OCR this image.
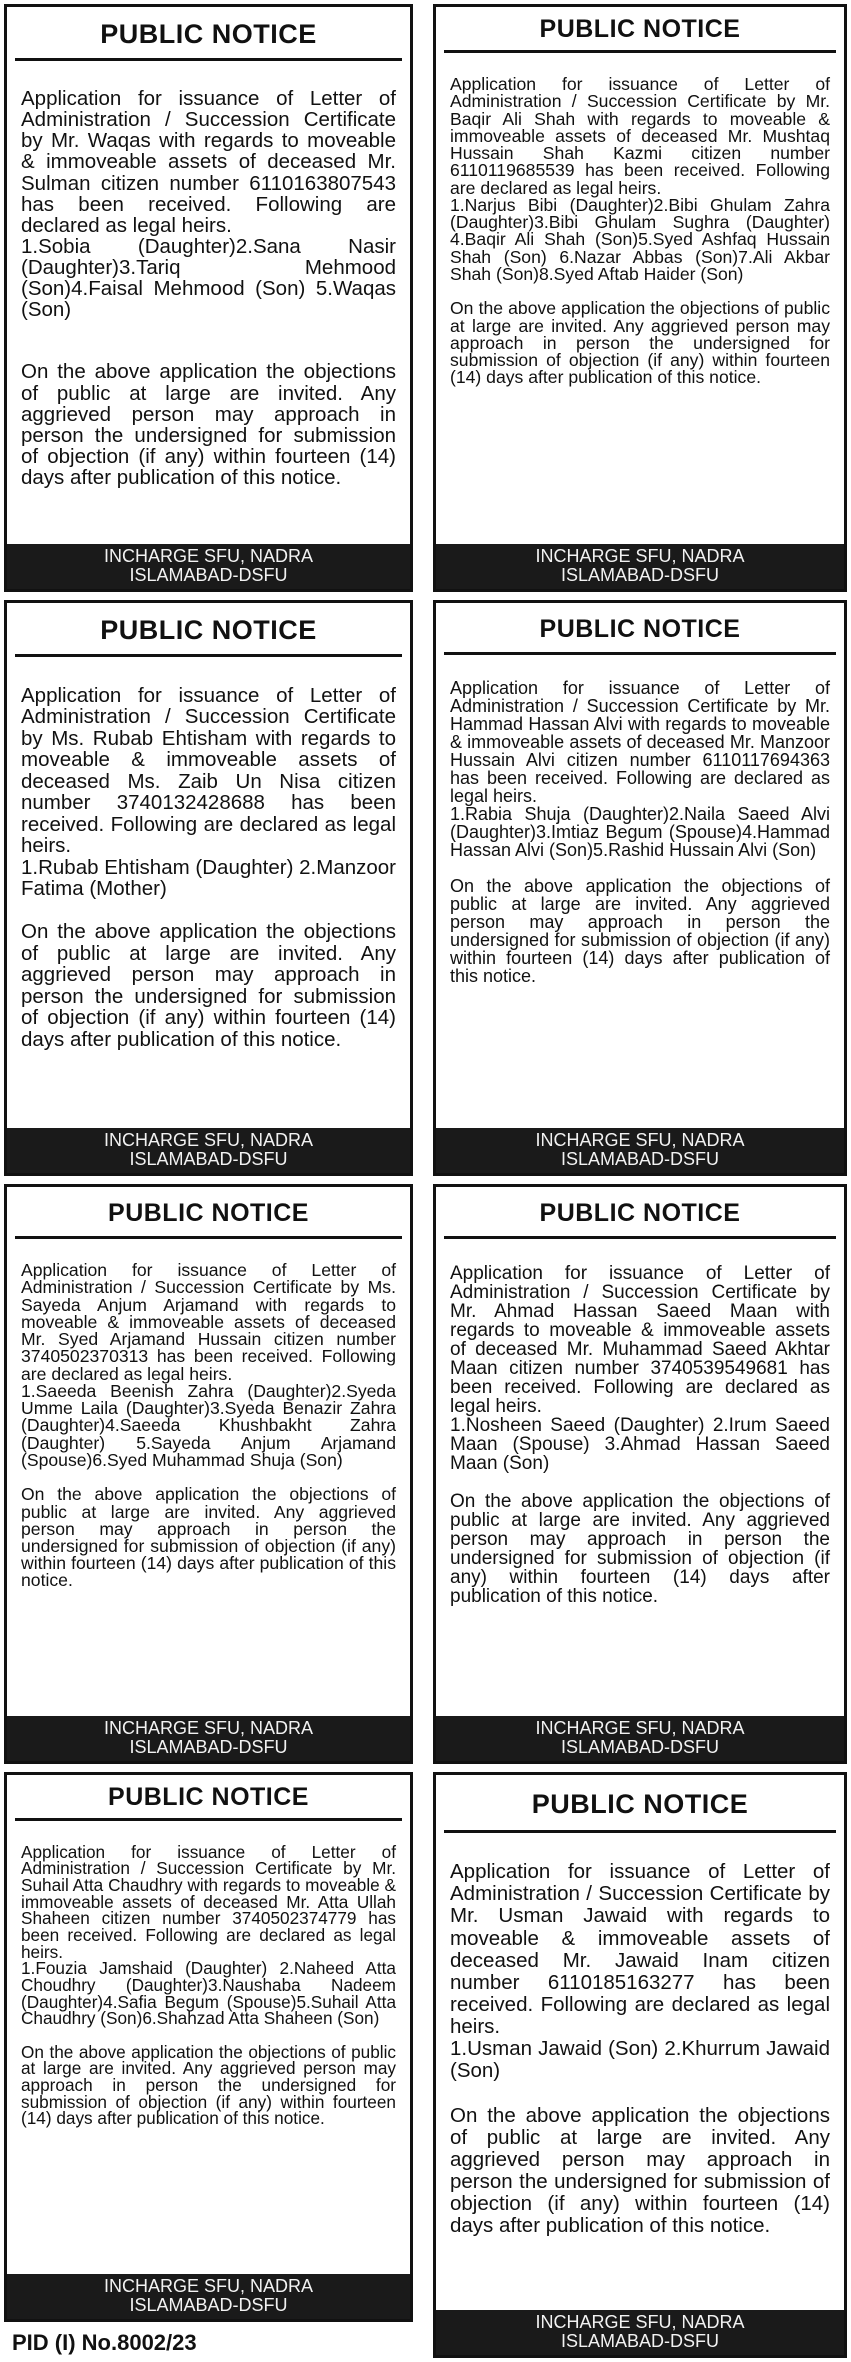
PUBLIC NOTICE

Application for issuance of Letter of Administration / Succession Certificate by Mr. Waqas with regards to moveable & immoveable assets of deceased Mr. Sulman citizen number 6110163807543 has been received. Following are declared as legal heirs.

1.Sobia (Daughter)2.Sana Nasir (Daughter)3.Tariq Mehmood (Son)4.Faisal Mehmood (Son) 5.Waqas (Son)

On the above application the objections of public at large are invited. Any aggrieved person may approach in person the undersigned for submission of objection (if any) within fourteen (14) days after publication of this notice.

INCHARGE SFU, NADRA
ISLAMABAD-DSFU
PUBLIC NOTICE

Application for issuance of Letter of Administration / Succession Certificate by Mr. Baqir Ali Shah with regards to moveable & immoveable assets of deceased Mr. Mushtaq Hussain Shah Kazmi citizen number 6110119685539 has been received. Following are declared as legal heirs.

1.Narjus Bibi (Daughter)2.Bibi Ghulam Zahra (Daughter)3.Bibi Ghulam Sughra (Daughter) 4.Baqir Ali Shah (Son)5.Syed Ashfaq Hussain Shah (Son) 6.Nazar Abbas (Son)7.Ali Akbar Shah (Son)8.Syed Aftab Haider (Son)

On the above application the objections of public at large are invited. Any aggrieved person may approach in person the undersigned for submission of objection (if any) within fourteen (14) days after publication of this notice.

INCHARGE SFU, NADRA
ISLAMABAD-DSFU
PUBLIC NOTICE

Application for issuance of Letter of Administration / Succession Certificate by Ms. Rubab Ehtisham with regards to moveable & immoveable assets of deceased Ms. Zaib Un Nisa citizen number 3740132428688 has been received. Following are declared as legal heirs.

1.Rubab Ehtisham (Daughter) 2.Manzoor Fatima (Mother)

On the above application the objections of public at large are invited. Any aggrieved person may approach in person the undersigned for submission of objection (if any) within fourteen (14) days after publication of this notice.

INCHARGE SFU, NADRA
ISLAMABAD-DSFU
PUBLIC NOTICE

Application for issuance of Letter of Administration / Succession Certificate by Mr. Hammad Hassan Alvi with regards to moveable & immoveable assets of deceased Mr. Manzoor Hussain Alvi citizen number 6110117694363 has been received. Following are declared as legal heirs.

1.Rabia Shuja (Daughter)2.Naila Saeed Alvi (Daughter)3.Imtiaz Begum (Spouse)4.Hammad Hassan Alvi (Son)5.Rashid Hussain Alvi (Son)

On the above application the objections of public at large are invited. Any aggrieved person may approach in person the undersigned for submission of objection (if any) within fourteen (14) days after publication of this notice.

INCHARGE SFU, NADRA
ISLAMABAD-DSFU
PUBLIC NOTICE

Application for issuance of Letter of Administration / Succession Certificate by Ms. Sayeda Anjum Arjamand with regards to moveable & immoveable assets of deceased Mr. Syed Arjamand Hussain citizen number 3740502370313 has been received. Following are declared as legal heirs.

1.Saeeda Beenish Zahra (Daughter)2.Syeda Umme Laila (Daughter)3.Syeda Benazir Zahra (Daughter)4.Saeeda Khushbakht Zahra (Daughter) 5.Sayeda Anjum Arjamand (Spouse)6.Syed Muhammad Shuja (Son)

On the above application the objections of public at large are invited. Any aggrieved person may approach in person the undersigned for submission of objection (if any) within fourteen (14) days after publication of this notice.

INCHARGE SFU, NADRA
ISLAMABAD-DSFU
PUBLIC NOTICE

Application for issuance of Letter of Administration / Succession Certificate by Mr. Ahmad Hassan Saeed Maan with regards to moveable & immoveable assets of deceased Mr. Muhammad Saeed Akhtar Maan citizen number 3740539549681 has been received. Following are declared as legal heirs.

1.Nosheen Saeed (Daughter) 2.Irum Saeed Maan (Spouse) 3.Ahmad Hassan Saeed Maan (Son)

On the above application the objections of public at large are invited. Any aggrieved person may approach in person the undersigned for submission of objection (if any) within fourteen (14) days after publication of this notice.

INCHARGE SFU, NADRA
ISLAMABAD-DSFU
PUBLIC NOTICE

Application for issuance of Letter of Administration / Succession Certificate by Mr. Suhail Atta Chaudhry with regards to moveable & immoveable assets of deceased Mr. Atta Ullah Shaheen citizen number 3740502374779 has been received. Following are declared as legal heirs.

1.Fouzia Jamshaid (Daughter) 2.Naheed Atta Choudhry (Daughter)3.Naushaba Nadeem (Daughter)4.Safia Begum (Spouse)5.Suhail Atta Chaudhry (Son)6.Shahzad Atta Shaheen (Son)

On the above application the objections of public at large are invited. Any aggrieved person may approach in person the undersigned for submission of objection (if any) within fourteen (14) days after publication of this notice.

INCHARGE SFU, NADRA
ISLAMABAD-DSFU
PUBLIC NOTICE

Application for issuance of Letter of Administration / Succession Certificate by Mr. Usman Jawaid with regards to moveable & immoveable assets of deceased Mr. Jawaid Inam citizen number 6110185163277 has been received. Following are declared as legal heirs.

1.Usman Jawaid (Son) 2.Khurrum Jawaid (Son)

On the above application the objections of public at large are invited. Any aggrieved person may approach in person the undersigned for submission of objection (if any) within fourteen (14) days after publication of this notice.

INCHARGE SFU, NADRA
ISLAMABAD-DSFU
PID (I) No.8002/23
